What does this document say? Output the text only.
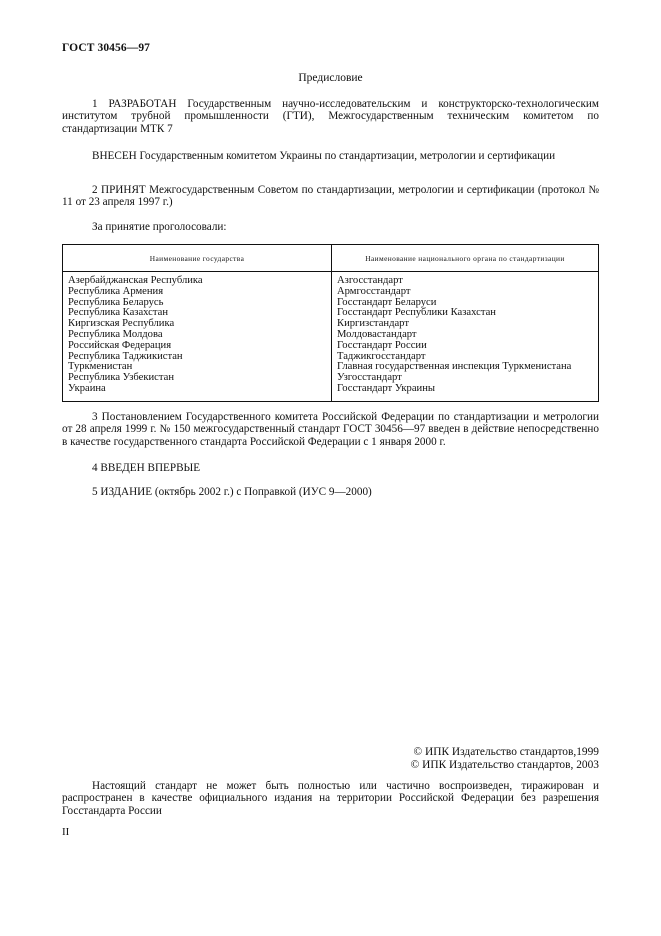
ГОСТ 30456—97
Предисловие
1 РАЗРАБОТАН Государственным научно-исследовательским и конструкторско-технологическим институтом трубной промышленности (ГТИ), Межгосударственным техническим комитетом по стандартизации МТК 7
ВНЕСЕН Государственным комитетом Украины по стандартизации, метрологии и сертификации
2 ПРИНЯТ Межгосударственным Советом по стандартизации, метрологии и сертификации (протокол № 11 от 23 апреля 1997 г.)
За принятие проголосовали:
Наименование государства	Наименование национального органа по стандартизации
Азербайджанская Республика
Республика Армения
Республика Беларусь
Республика Казахстан
Киргизская Республика
Республика Молдова
Российская Федерация
Республика Таджикистан
Туркменистан
Республика Узбекистан
Украина
Азгосстандарт
Армгосстандарт
Госстандарт Беларуси
Госстандарт Республики Казахстан
Киргизстандарт
Молдовастандарт
Госстандарт России
Таджикгосстандарт
Главная государственная инспекция Туркменистана
Узгосстандарт
Госстандарт Украины
3 Постановлением Государственного комитета Российской Федерации по стандартизации и метрологии от 28 апреля 1999 г. № 150 межгосударственный стандарт ГОСТ 30456—97 введен в действие непосредственно в качестве государственного стандарта Российской Федерации с 1 января 2000 г.
4 ВВЕДЕН ВПЕРВЫЕ
5 ИЗДАНИЕ (октябрь 2002 г.) с Поправкой (ИУС 9—2000)
© ИПК Издательство стандартов,1999
© ИПК Издательство стандартов, 2003
Настоящий стандарт не может быть полностью или частично воспроизведен, тиражирован и распространен в качестве официального издания на территории Российской Федерации без разрешения Госстандарта России
II
